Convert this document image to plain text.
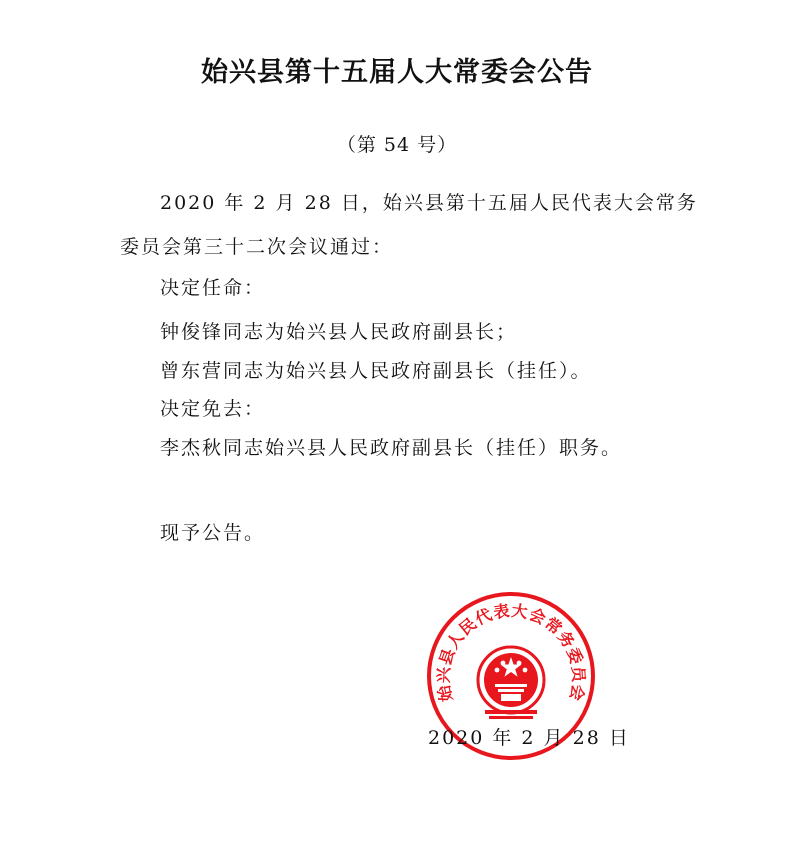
始兴县第十五届人大常委会公告
（第 54 号）
2020 年 2 月 28 日，始兴县第十五届人民代表大会常务
委员会第三十二次会议通过：
决定任命：
钟俊锋同志为始兴县人民政府副县长；
曾东营同志为始兴县人民政府副县长（挂任）。
决定免去：
李杰秋同志始兴县人民政府副县长（挂任）职务。
现予公告。
始兴县人民代表大会常务委员会
2020 年 2 月 28 日
